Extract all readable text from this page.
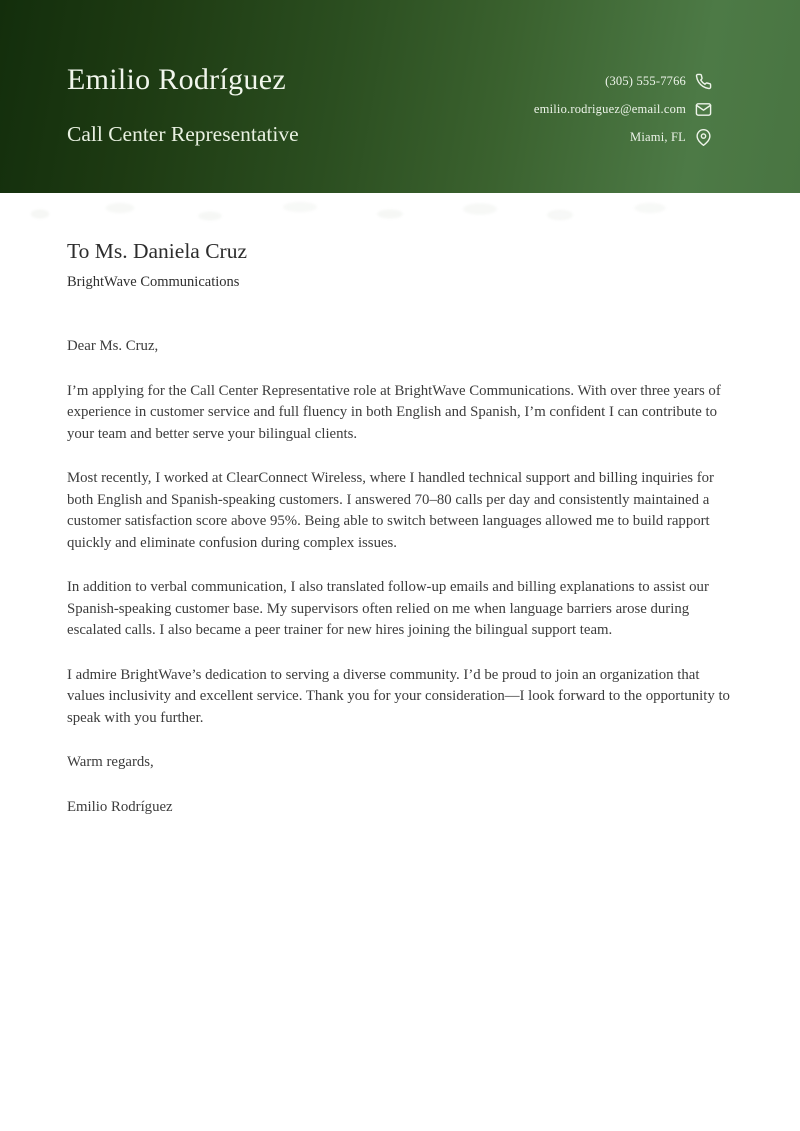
Emilio Rodríguez
Call Center Representative
(305) 555-7766
emilio.rodriguez@email.com
Miami, FL
To Ms. Daniela Cruz
BrightWave Communications
Dear Ms. Cruz,

I’m applying for the Call Center Representative role at BrightWave Communications. With over three years of experience in customer service and full fluency in both English and Spanish, I’m confident I can contribute to your team and better serve your bilingual clients.

Most recently, I worked at ClearConnect Wireless, where I handled technical support and billing inquiries for both English and Spanish-speaking customers. I answered 70–80 calls per day and consistently maintained a customer satisfaction score above 95%. Being able to switch between languages allowed me to build rapport quickly and eliminate confusion during complex issues.

In addition to verbal communication, I also translated follow-up emails and billing explanations to assist our Spanish-speaking customer base. My supervisors often relied on me when language barriers arose during escalated calls. I also became a peer trainer for new hires joining the bilingual support team.

I admire BrightWave’s dedication to serving a diverse community. I’d be proud to join an organization that values inclusivity and excellent service. Thank you for your consideration—I look forward to the opportunity to speak with you further.

Warm regards,
Emilio Rodríguez
